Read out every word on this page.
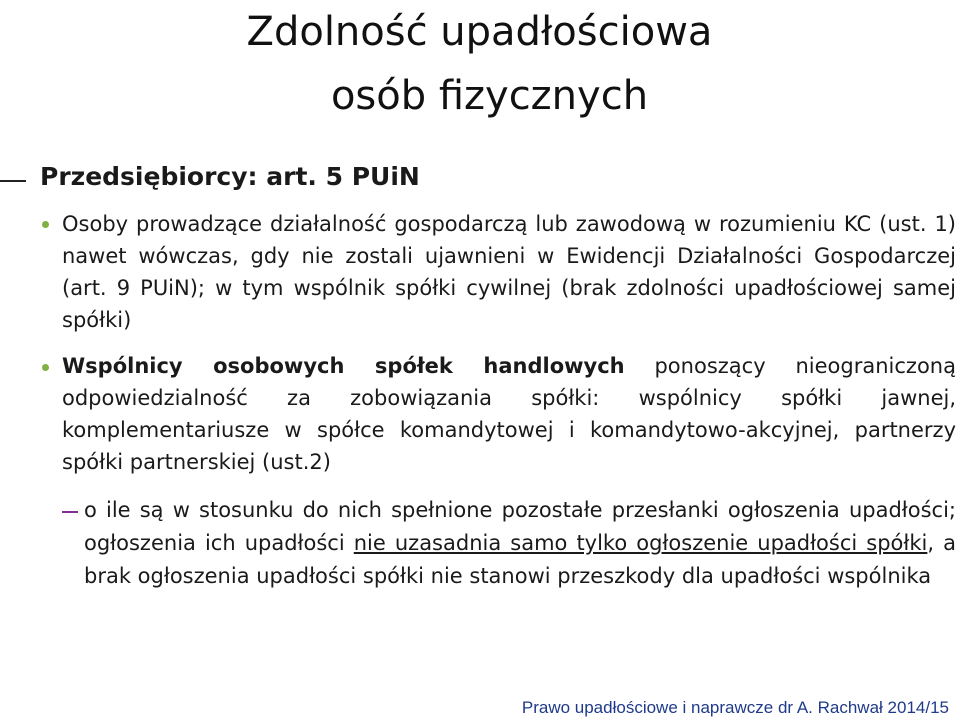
Zdolność upadłościowa
osób fizycznych
Przedsiębiorcy: art. 5 PUiN
Osoby prowadzące działalność gospodarczą lub zawodową w rozumieniu KC (ust. 1) nawet wówczas, gdy nie zostali ujawnieni w Ewidencji Działalności Gospodarczej (art. 9 PUiN); w tym wspólnik spółki cywilnej (brak zdolności upadłościowej samej spółki)
Wspólnicy osobowych spółek handlowych ponoszący nieograniczoną odpowiedzialność za zobowiązania spółki: wspólnicy spółki jawnej, komplementariusze w spółce komandytowej i komandytowo-akcyjnej, partnerzy spółki partnerskiej (ust.2)
o ile są w stosunku do nich spełnione pozostałe przesłanki ogłoszenia upadłości; ogłoszenia ich upadłości nie uzasadnia samo tylko ogłoszenie upadłości spółki, a brak ogłoszenia upadłości spółki nie stanowi przeszkody dla upadłości wspólnika
Prawo upadłościowe i naprawcze dr A. Rachwał 2014/15
